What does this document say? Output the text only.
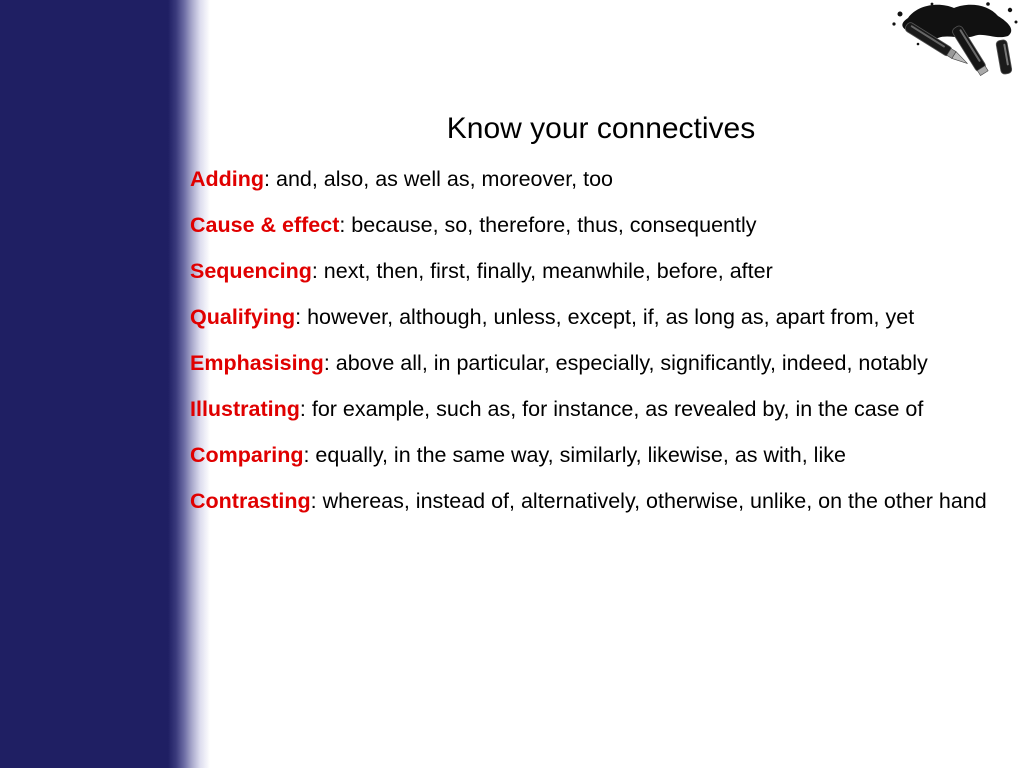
Know your connectives
Adding: and, also, as well as, moreover, too
Cause & effect: because, so, therefore, thus, consequently
Sequencing: next, then, first, finally, meanwhile, before, after
Qualifying: however, although, unless, except, if, as long as, apart from, yet
Emphasising: above all, in particular, especially, significantly, indeed, notably
Illustrating: for example, such as, for instance, as revealed by, in the case of
Comparing: equally, in the same way, similarly, likewise, as with, like
Contrasting: whereas, instead of, alternatively, otherwise, unlike, on the other hand
